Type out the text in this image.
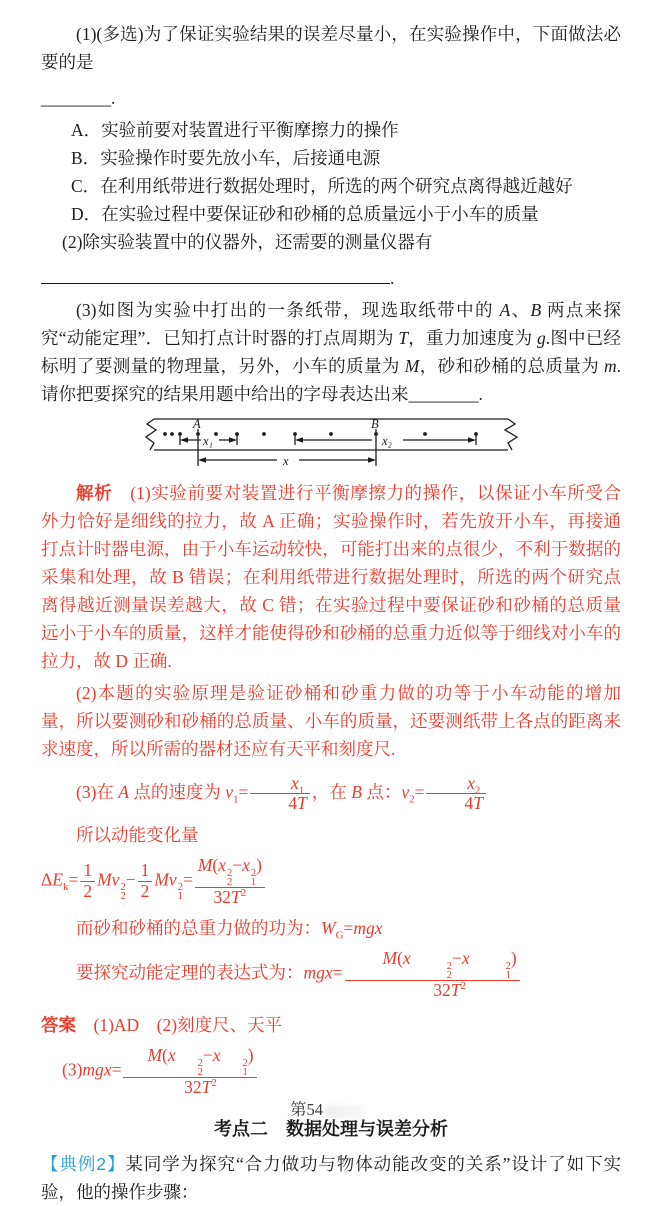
(1)(多选)为了保证实验结果的误差尽量小，在实验操作中，下面做法必要的是

________.

A．实验前要对装置进行平衡摩擦力的操作

B．实验操作时要先放小车，后接通电源

C．在利用纸带进行数据处理时，所选的两个研究点离得越近越好

D．在实验过程中要保证砂和砂桶的总质量远小于小车的质量

(2)除实验装置中的仪器外，还需要的测量仪器有

.

(3)如图为实验中打出的一条纸带，现选取纸带中的 A、B 两点来探究“动能定理”．已知打点计时器的打点周期为 T，重力加速度为 g.图中已经标明了要测量的物理量，另外，小车的质量为 M，砂和砂桶的总质量为 m.请你把要探究的结果用题中给出的字母表达出来________.

A	B
x₁	x₂
x

解析　 (1)实验前要对装置进行平衡摩擦力的操作，以保证小车所受合外力恰好是细线的拉力，故 A 正确；实验操作时，若先放开小车，再接通打点计时器电源，由于小车运动较快，可能打出来的点很少，不利于数据的采集和处理，故 B 错误；在利用纸带进行数据处理时，所选的两个研究点离得越近测量误差越大，故 C 错；在实验过程中要保证砂和砂桶的总质量远小于小车的质量，这样才能使得砂和砂桶的总重力近似等于细线对小车的拉力，故 D 正确.

(2)本题的实验原理是验证砂桶和砂重力做的功等于小车动能的增加量，所以要测砂和砂桶的总质量、小车的质量，还要测纸带上各点的距离来求速度，所以所需的器材还应有天平和刻度尺.

(3)在 A 点的速度为 $v_1= \frac{x_1}{4T}$ ，在 B 点：$v_2= \frac{x_2}{4T}$

所以动能变化量

$\Delta E_k= \frac{1}{2}$ Mv 2
2
− $\frac{1}{2}$ Mv 2
1
= M(x 2
2
−x 2
1
)
$32T^2$

而砂和砂桶的总重力做的功为：$W_G=mgx$

要探究动能定理的表达式为：mgx= M(x	2
2
−x	2
1
)
$32T^2$

答案　 (1)AD　(2)刻度尺、天平

(3)mgx= M(x	2
2
−x	2
1
)
$32T^2$

考点二　数据处理与误差分析

【典例2】某同学为探究“合力做功与物体动能改变的关系”设计了如下实验，他的操作步骤：

第54
